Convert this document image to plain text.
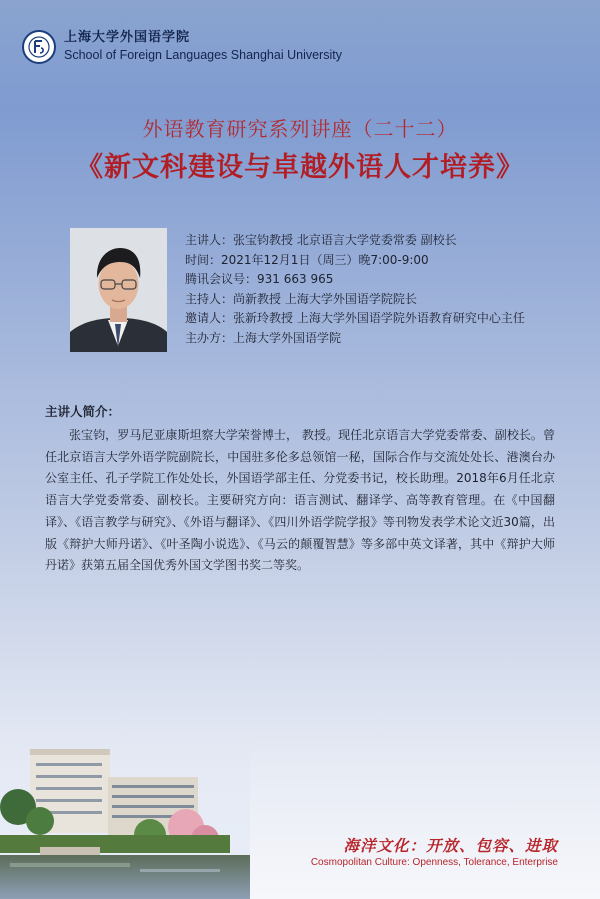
上海大学外国语学院
School of Foreign Languages Shanghai University
外语教育研究系列讲座（二十二）
《新文科建设与卓越外语人才培养》
主讲人：张宝钧教授 北京语言大学党委常委 副校长
时间：2021年12月1日（周三）晚7:00-9:00
腾讯会议号：931 663 965
主持人：尚新教授 上海大学外国语学院院长
邀请人：张新玲教授 上海大学外国语学院外语教育研究中心主任
主办方：上海大学外国语学院
主讲人简介：

张宝钧，罗马尼亚康斯坦察大学荣誉博士， 教授。现任北京语言大学党委常委、副校长。曾任北京语言大学外语学院副院长，中国驻多伦多总领馆一秘，国际合作与交流处处长、港澳台办公室主任、孔子学院工作处处长，外国语学部主任、分党委书记，校长助理。2018年6月任北京语言大学党委常委、副校长。主要研究方向：语言测试、翻译学、高等教育管理。在《中国翻译》、《语言教学与研究》、《外语与翻译》、《四川外语学院学报》等刊物发表学术论文近30篇，出版《辩护大师丹诺》、《叶圣陶小说选》、《马云的颠覆智慧》等多部中英文译著，其中《辩护大师丹诺》获第五届全国优秀外国文学图书奖二等奖。

海洋文化：开放、包容、进取
Cosmopolitan Culture: Openness, Tolerance, Enterprise
